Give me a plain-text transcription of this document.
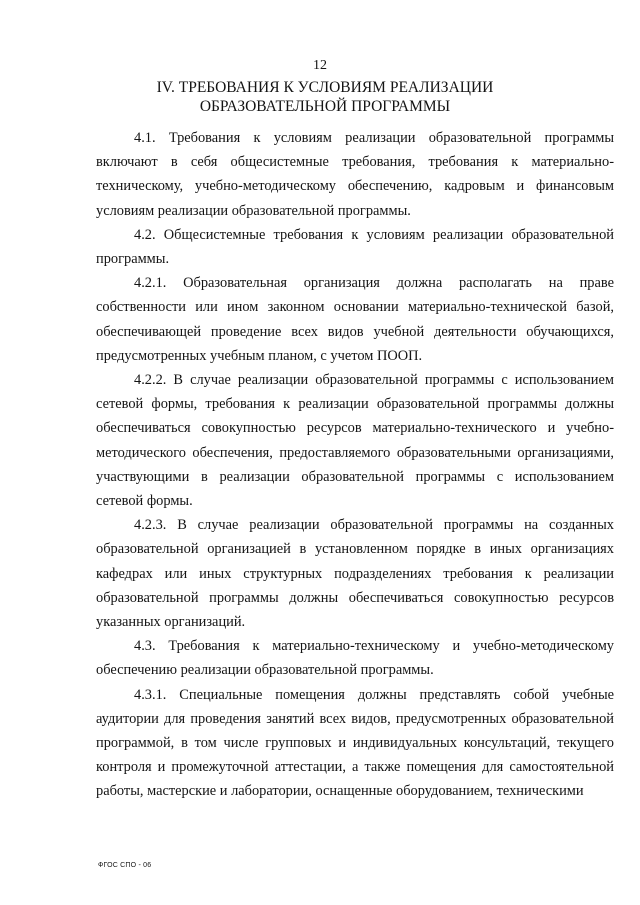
12
IV. ТРЕБОВАНИЯ К УСЛОВИЯМ РЕАЛИЗАЦИИ ОБРАЗОВАТЕЛЬНОЙ ПРОГРАММЫ

4.1. Требования к условиям реализации образовательной программы включают в себя общесистемные требования, требования к материально-техническому, учебно-методическому обеспечению, кадровым и финансовым условиям реализации образовательной программы.

4.2. Общесистемные требования к условиям реализации образовательной программы.

4.2.1. Образовательная организация должна располагать на праве собственности или ином законном основании материально-технической базой, обеспечивающей проведение всех видов учебной деятельности обучающихся, предусмотренных учебным планом, с учетом ПООП.

4.2.2. В случае реализации образовательной программы с использованием сетевой формы, требования к реализации образовательной программы должны обеспечиваться совокупностью ресурсов материально-технического и учебно-методического обеспечения, предоставляемого образовательными организациями, участвующими в реализации образовательной программы с использованием сетевой формы.

4.2.3. В случае реализации образовательной программы на созданных образовательной организацией в установленном порядке в иных организациях кафедрах или иных структурных подразделениях требования к реализации образовательной программы должны обеспечиваться совокупностью ресурсов указанных организаций.

4.3. Требования к материально-техническому и учебно-методическому обеспечению реализации образовательной программы.

4.3.1. Специальные помещения должны представлять собой учебные аудитории для проведения занятий всех видов, предусмотренных образовательной программой, в том числе групповых и индивидуальных консультаций, текущего контроля и промежуточной аттестации, а также помещения для самостоятельной работы, мастерские и лаборатории, оснащенные оборудованием, техническими

ФГОС СПО - 06
